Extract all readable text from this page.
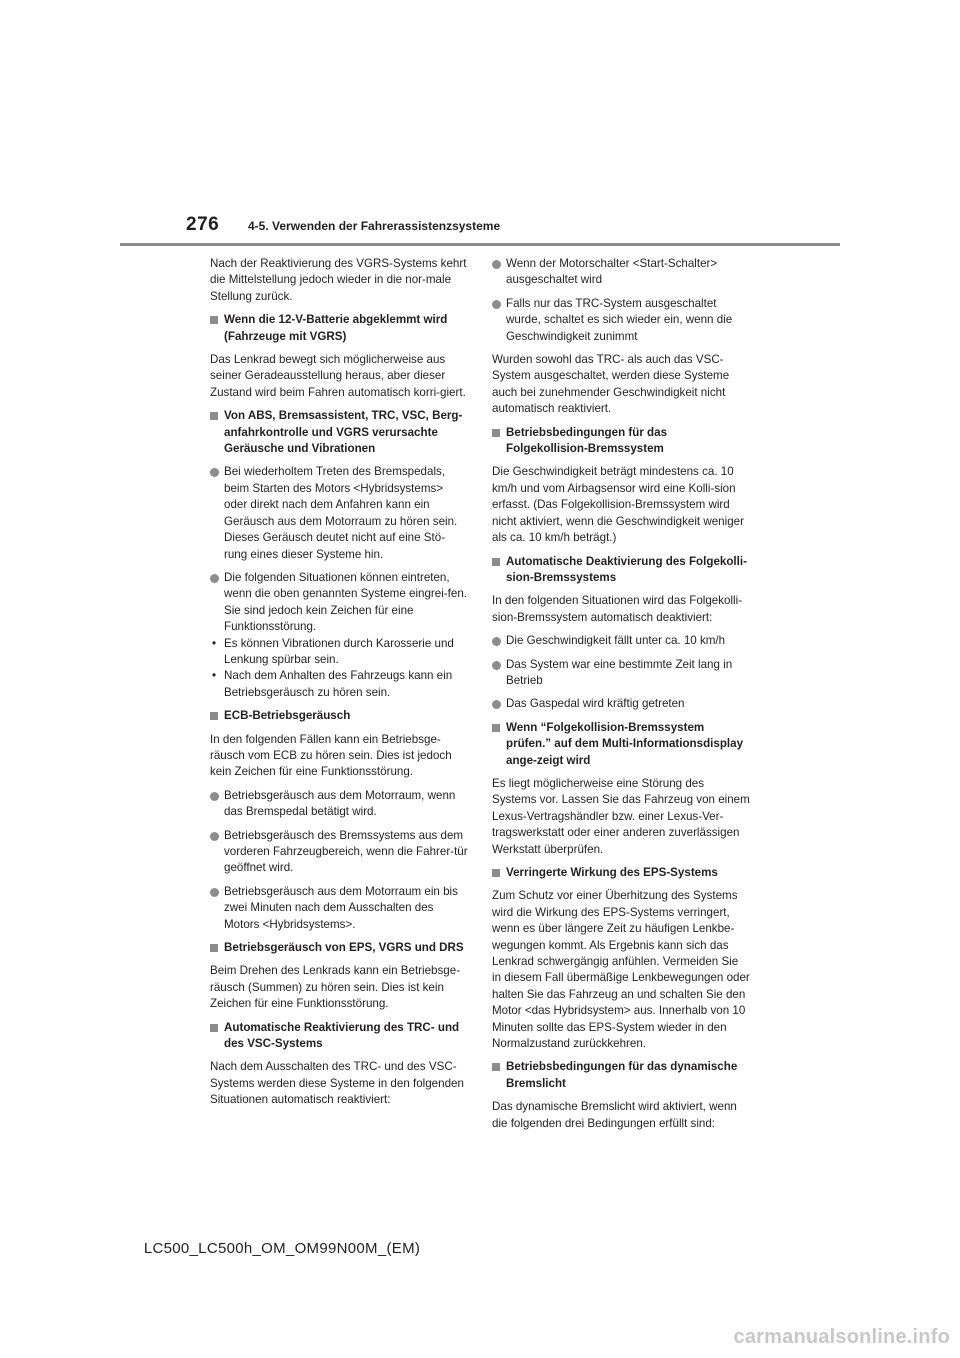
276 4-5. Verwenden der Fahrerassistenzsysteme

Nach der Reaktivierung des VGRS-Systems kehrt die Mittelstellung jedoch wieder in die nor-male Stellung zurück.

Wenn die 12-V-Batterie abgeklemmt wird (Fahrzeuge mit VGRS)

Das Lenkrad bewegt sich möglicherweise aus seiner Geradeausstellung heraus, aber dieser Zustand wird beim Fahren automatisch korri-giert.

Von ABS, Bremsassistent, TRC, VSC, Berg-anfahrkontrolle und VGRS verursachte Geräusche und Vibrationen

Bei wiederholtem Treten des Bremspedals, beim Starten des Motors <Hybridsystems> oder direkt nach dem Anfahren kann ein Geräusch aus dem Motorraum zu hören sein. Dieses Geräusch deutet nicht auf eine Stö-rung eines dieser Systeme hin.

Die folgenden Situationen können eintreten, wenn die oben genannten Systeme eingrei-fen. Sie sind jedoch kein Zeichen für eine Funktionsstörung.

• Es können Vibrationen durch Karosserie und Lenkung spürbar sein.

• Nach dem Anhalten des Fahrzeugs kann ein Betriebsgeräusch zu hören sein.

ECB-Betriebsgeräusch

In den folgenden Fällen kann ein Betriebsge-räusch vom ECB zu hören sein. Dies ist jedoch kein Zeichen für eine Funktionsstörung.

Betriebsgeräusch aus dem Motorraum, wenn das Bremspedal betätigt wird.

Betriebsgeräusch des Bremssystems aus dem vorderen Fahrzeugbereich, wenn die Fahrer-tür geöffnet wird.

Betriebsgeräusch aus dem Motorraum ein bis zwei Minuten nach dem Ausschalten des Motors <Hybridsystems>.

Betriebsgeräusch von EPS, VGRS und DRS

Beim Drehen des Lenkrads kann ein Betriebsge-räusch (Summen) zu hören sein. Dies ist kein Zeichen für eine Funktionsstörung.

Automatische Reaktivierung des TRC- und des VSC-Systems

Nach dem Ausschalten des TRC- und des VSC-Systems werden diese Systeme in den folgenden Situationen automatisch reaktiviert:

Wenn der Motorschalter <Start-Schalter> ausgeschaltet wird

Falls nur das TRC-System ausgeschaltet wurde, schaltet es sich wieder ein, wenn die Geschwindigkeit zunimmt

Wurden sowohl das TRC- als auch das VSC-System ausgeschaltet, werden diese Systeme auch bei zunehmender Geschwindigkeit nicht automatisch reaktiviert.

Betriebsbedingungen für das Folgekollision-Bremssystem

Die Geschwindigkeit beträgt mindestens ca. 10 km/h und vom Airbagsensor wird eine Kolli-sion erfasst. (Das Folgekollision-Bremssystem wird nicht aktiviert, wenn die Geschwindigkeit weniger als ca. 10 km/h beträgt.)

Automatische Deaktivierung des Folgekolli-sion-Bremssystems

In den folgenden Situationen wird das Folgekolli-sion-Bremssystem automatisch deaktiviert:

Die Geschwindigkeit fällt unter ca. 10 km/h

Das System war eine bestimmte Zeit lang in Betrieb

Das Gaspedal wird kräftig getreten

Wenn “Folgekollision-Bremssystem prüfen.” auf dem Multi-Informationsdisplay ange-zeigt wird

Es liegt möglicherweise eine Störung des Systems vor. Lassen Sie das Fahrzeug von einem Lexus-Vertragshändler bzw. einer Lexus-Ver-tragswerkstatt oder einer anderen zuverlässigen Werkstatt überprüfen.

Verringerte Wirkung des EPS-Systems

Zum Schutz vor einer Überhitzung des Systems wird die Wirkung des EPS-Systems verringert, wenn es über längere Zeit zu häufigen Lenkbe-wegungen kommt. Als Ergebnis kann sich das Lenkrad schwergängig anfühlen. Vermeiden Sie in diesem Fall übermäßige Lenkbewegungen oder halten Sie das Fahrzeug an und schalten Sie den Motor <das Hybridsystem> aus. Innerhalb von 10 Minuten sollte das EPS-System wieder in den Normalzustand zurückkehren.

Betriebsbedingungen für das dynamische Bremslicht

Das dynamische Bremslicht wird aktiviert, wenn die folgenden drei Bedingungen erfüllt sind:

LC500_LC500h_OM_OM99N00M_(EM)
carmanualsonline.info
